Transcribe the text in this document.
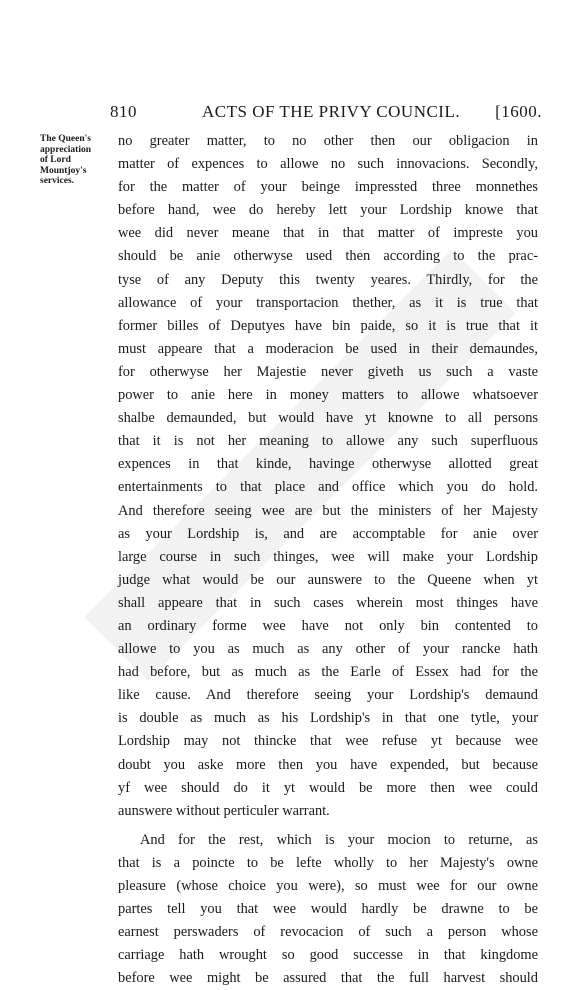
810	ACTS OF THE PRIVY COUNCIL. [1600.
The Queen's
appreciation
of Lord
Mountjoy's
services.
no greater matter, to no other then our obligacion in
matter of expences to allowe no such innovacions. Secondly,
for the matter of your beinge impressted three monnethes
before hand, wee do hereby lett your Lordship knowe that
wee did never meane that in that matter of impreste you
should be anie otherwyse used then according to the prac-
tyse of any Deputy this twenty yeares. Thirdly, for the
allowance of your transportacion thether, as it is true that
former billes of Deputyes have bin paide, so it is true that it
must appeare that a moderacion be used in their demaundes,
for otherwyse her Majestie never giveth us such a vaste
power to anie here in money matters to allowe whatsoever
shalbe demaunded, but would have yt knowne to all persons
that it is not her meaning to allowe any such superfluous
expences in that kinde, havinge otherwyse allotted great
entertainments to that place and office which you do hold.
And therefore seeing wee are but the ministers of her Majesty
as your Lordship is, and are accomptable for anie over
large course in such thinges, wee will make your Lordship
judge what would be our aunswere to the Queene when yt
shall appeare that in such cases wherein most thinges have
an ordinary forme wee have not only bin contented to
allowe to you as much as any other of your rancke hath
had before, but as much as the Earle of Essex had for the
like cause. And therefore seeing your Lordship's demaund
is double as much as his Lordship's in that one tytle, your
Lordship may not thincke that wee refuse yt because wee
doubt you aske more then you have expended, but because
yf wee should do it yt would be more then wee could
aunswere without perticuler warrant.
And for the rest, which is your mocion to returne, as
that is a poincte to be lefte wholly to her Majesty's owne
pleasure (whose choice you were), so must wee for our owne
partes tell you that wee would hardly be drawne to be
earnest perswaders of revocacion of such a person whose
carriage hath wrought so good successe in that kingdome
before wee might be assured that the full harvest should
